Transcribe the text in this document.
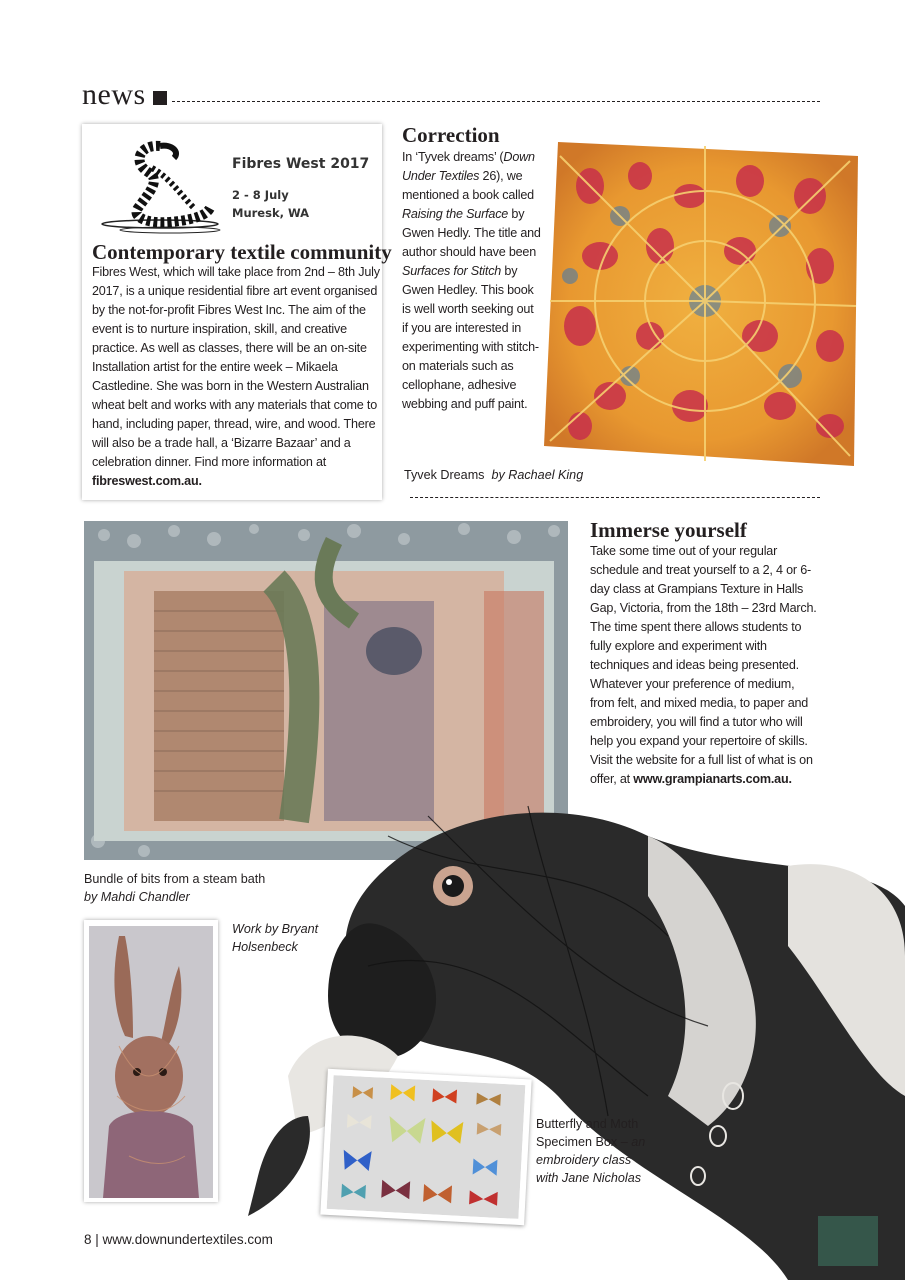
news
Fibres West 2017
2 - 8 July
Muresk, WA
Contemporary textile community

Fibres West, which will take place from 2nd – 8th July 2017, is a unique residential fibre art event organised by the not-for-profit Fibres West Inc. The aim of the event is to nurture inspiration, skill, and creative practice. As well as classes, there will be an on-site Installation artist for the entire week – Mikaela Castledine. She was born in the Western Australian wheat belt and works with any materials that come to hand, including paper, thread, wire, and wood. There will also be a trade hall, a ‘Bizarre Bazaar’ and a celebration dinner. Find more information at fibreswest.com.au.

Correction

In ‘Tyvek dreams’ (Down Under Textiles 26), we mentioned a book called Raising the Surface by Gwen Hedly. The title and author should have been Surfaces for Stitch by Gwen Hedley. This book is well worth seeking out if you are interested in experimenting with stitch-on materials such as cellophane, adhesive webbing and puff paint.

Tyvek Dreams by Rachael King
Immerse yourself

Take some time out of your regular schedule and treat yourself to a 2, 4 or 6-day class at Grampians Texture in Halls Gap, Victoria, from the 18th – 23rd March. The time spent there allows students to fully explore and experiment with techniques and ideas being presented. Whatever your preference of medium, from felt, and mixed media, to paper and embroidery, you will find a tutor who will help you expand your repertoire of skills. Visit the website for a full list of what is on offer, at www.grampianarts.com.au.

Bundle of bits from a steam bath by Mahdi Chandler
Work by Bryant Holsenbeck
Butterfly and Moth Specimen Box – an embroidery class with Jane Nicholas
8 | www.downundertextiles.com
